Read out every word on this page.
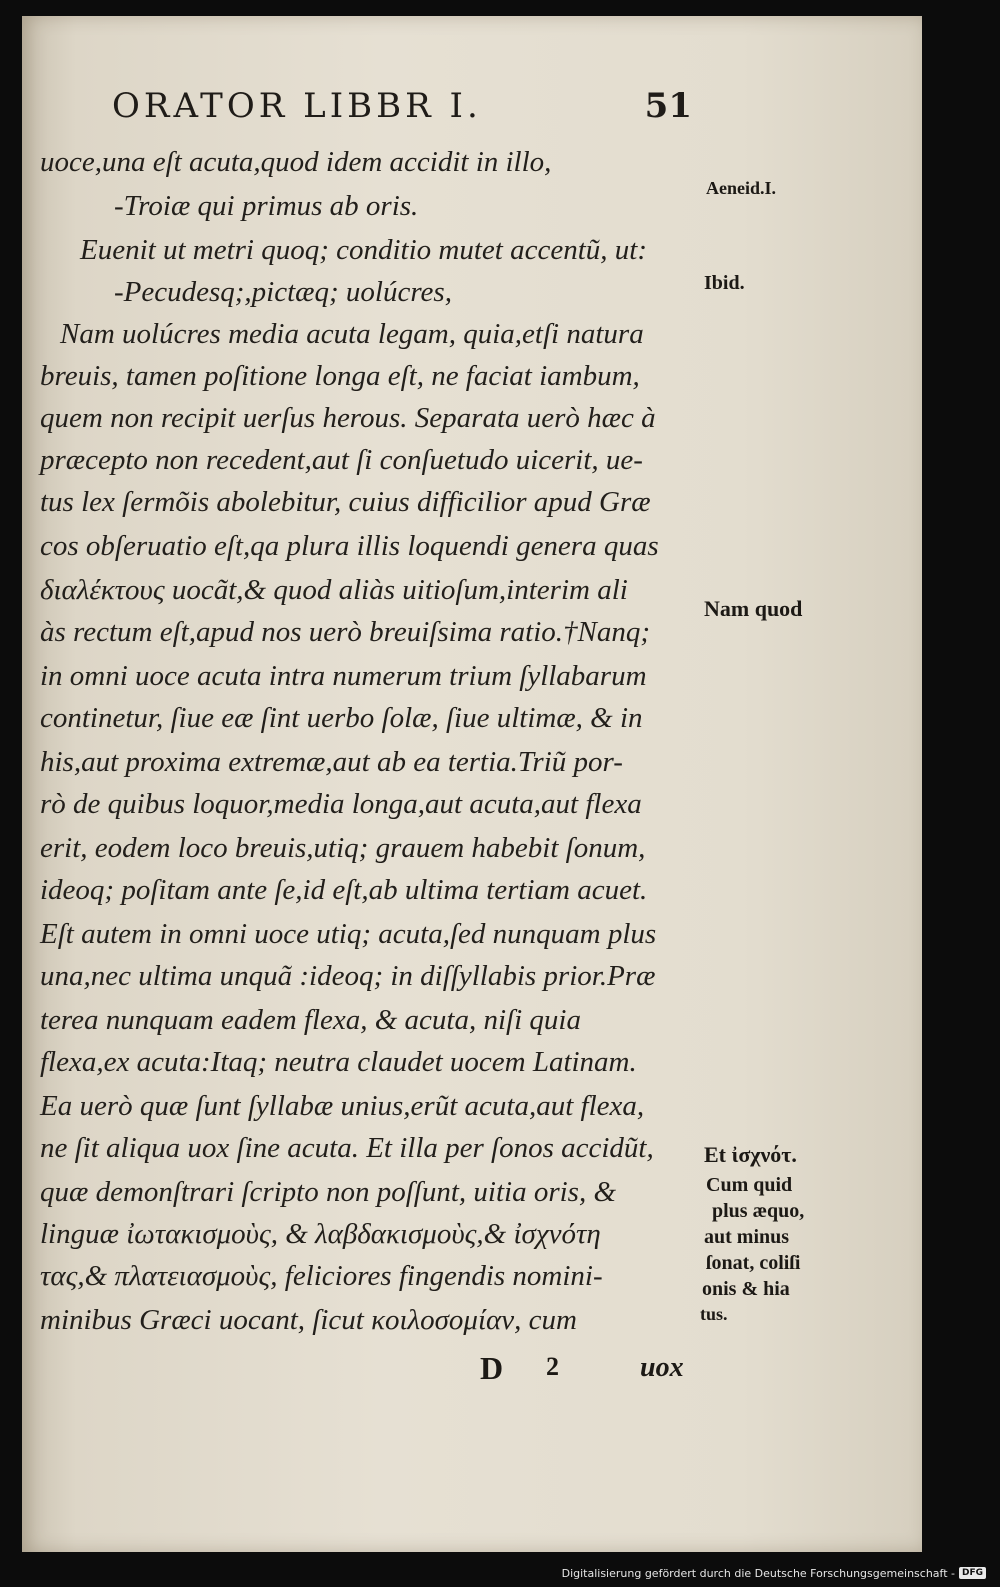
ORATOR LIBBR I.	51
uoce,una eſt acuta,quod idem accidit in illo,
-Troiæ qui primus ab oris.
Euenit ut metri quoq; conditio mutet accentũ, ut:
-Pecudesq;,pictæq; uolúcres,
Nam uolúcres media acuta legam, quia,etſi natura
breuis, tamen poſitione longa eſt, ne faciat iambum,
quem non recipit uerſus herous. Separata uerò hæc à
præcepto non recedent,aut ſi conſuetudo uicerit, ue-
tus lex ſermõis abolebitur, cuius difficilior apud Græ
cos obſeruatio eſt,qa plura illis loquendi genera quas
διαλέκτους uocãt,& quod aliàs uitioſum,interim ali
às rectum eſt,apud nos uerò breuiſsima ratio.†Nanq;
in omni uoce acuta intra numerum trium ſyllabarum
continetur, ſiue eæ ſint uerbo ſolæ, ſiue ultimæ, & in
his,aut proxima extremæ,aut ab ea tertia.Triũ por-
rò de quibus loquor,media longa,aut acuta,aut flexa
erit, eodem loco breuis,utiq; grauem habebit ſonum,
ideoq; poſitam ante ſe,id eſt,ab ultima tertiam acuet.
Eſt autem in omni uoce utiq; acuta,ſed nunquam plus
una,nec ultima unquã :ideoq; in diſſyllabis prior.Præ
terea nunquam eadem flexa, & acuta, niſi quia
flexa,ex acuta:Itaq; neutra claudet uocem Latinam.
Ea uerò quæ ſunt ſyllabæ unius,erũt acuta,aut flexa,
ne ſit aliqua uox ſine acuta. Et illa per ſonos accidũt,
quæ demonſtrari ſcripto non poſſunt, uitia oris, &
linguæ ἰωτακισμοὺς, & λαβδακισμοὺς,& ἰσχνότη
τας,& πλατειασμοὺς, feliciores fingendis nomini-
minibus Græci uocant, ſicut κοιλοσομίαν, cum
Aeneid.I.
Ibid.
Nam quod
Et ἰσχνότ.
Cum quid
plus æquo,
aut minus
ſonat, coliſi
onis & hia
tus.
D 2	uox
Digitalisierung gefördert durch die Deutsche Forschungsgemeinschaft - DFG
